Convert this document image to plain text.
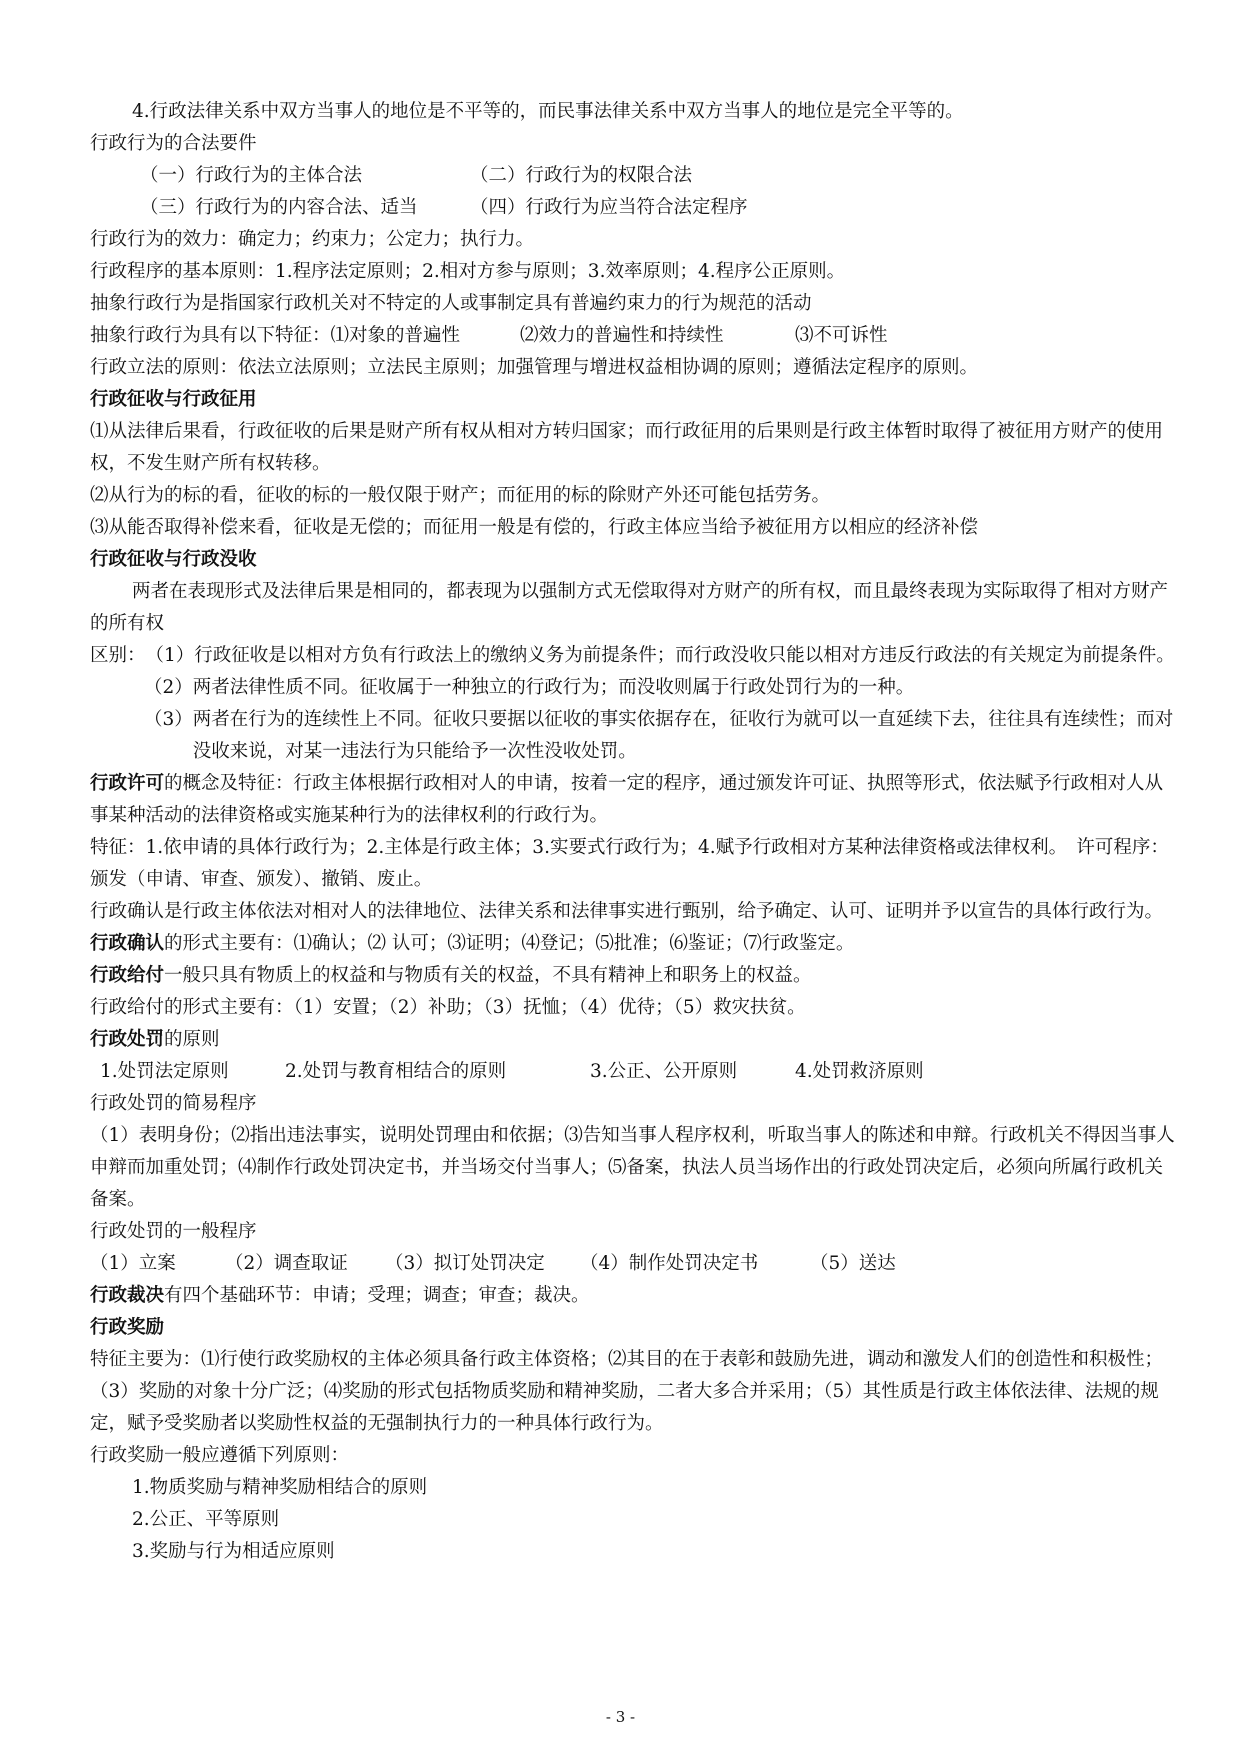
4.行政法律关系中双方当事人的地位是不平等的，而民事法律关系中双方当事人的地位是完全平等的。
行政行为的合法要件
（一）行政行为的主体合法	（二）行政行为的权限合法
（三）行政行为的内容合法、适当	（四）行政行为应当符合法定程序
行政行为的效力：确定力；约束力；公定力；执行力。
行政程序的基本原则：1.程序法定原则；2.相对方参与原则；3.效率原则；4.程序公正原则。
抽象行政行为是指国家行政机关对不特定的人或事制定具有普遍约束力的行为规范的活动
抽象行政行为具有以下特征：⑴对象的普遍性	⑵效力的普遍性和持续性	⑶不可诉性
行政立法的原则：依法立法原则；立法民主原则；加强管理与增进权益相协调的原则；遵循法定程序的原则。
行政征收与行政征用
⑴从法律后果看，行政征收的后果是财产所有权从相对方转归国家；而行政征用的后果则是行政主体暂时取得了被征用方财产的使用权，不发生财产所有权转移。
⑵从行为的标的看，征收的标的一般仅限于财产；而征用的标的除财产外还可能包括劳务。
⑶从能否取得补偿来看，征收是无偿的；而征用一般是有偿的，行政主体应当给予被征用方以相应的经济补偿
行政征收与行政没收
两者在表现形式及法律后果是相同的，都表现为以强制方式无偿取得对方财产的所有权，而且最终表现为实际取得了相对方财产的所有权
区别： （1） 行政征收是以相对方负有行政法上的缴纳义务为前提条件；而行政没收只能以相对方违反行政法的有关规定为前提条件。
（2） 两者法律性质不同。征收属于一种独立的行政行为；而没收则属于行政处罚行为的一种。
（3） 两者在行为的连续性上不同。征收只要据以征收的事实依据存在，征收行为就可以一直延续下去，往往具有连续性；而对没收来说，对某一违法行为只能给予一次性没收处罚。
行政许可的概念及特征：行政主体根据行政相对人的申请，按着一定的程序，通过颁发许可证、执照等形式，依法赋予行政相对人从事某种活动的法律资格或实施某种行为的法律权利的行政行为。
特征：1.依申请的具体行政行为；2.主体是行政主体；3.实要式行政行为；4.赋予行政相对方某种法律资格或法律权利。　许可程序：颁发（申请、审查、颁发）、撤销、废止。
行政确认是行政主体依法对相对人的法律地位、法律关系和法律事实进行甄别，给予确定、认可、证明并予以宣告的具体行政行为。
行政确认的形式主要有：⑴确认；⑵ 认可；⑶证明；⑷登记；⑸批准；⑹鉴证；⑺行政鉴定。
行政给付一般只具有物质上的权益和与物质有关的权益，不具有精神上和职务上的权益。
行政给付的形式主要有：（1）安置；（2）补助；（3）抚恤；（4）优待；（5）救灾扶贫。
行政处罚的原则
1.处罚法定原则	2.处罚与教育相结合的原则	3.公正、公开原则	4.处罚救济原则
行政处罚的简易程序
（1）表明身份；⑵指出违法事实，说明处罚理由和依据；⑶告知当事人程序权利，听取当事人的陈述和申辩。行政机关不得因当事人申辩而加重处罚；⑷制作行政处罚决定书，并当场交付当事人；⑸备案，执法人员当场作出的行政处罚决定后，必须向所属行政机关备案。
行政处罚的一般程序
（1）立案	（2）调查取证 （3）拟订处罚决定 （4）制作处罚决定书	（5）送达
行政裁决有四个基础环节：申请；受理；调查；审查；裁决。
行政奖励
特征主要为：⑴行使行政奖励权的主体必须具备行政主体资格；⑵其目的在于表彰和鼓励先进，调动和激发人们的创造性和积极性；（3）奖励的对象十分广泛；⑷奖励的形式包括物质奖励和精神奖励，二者大多合并采用；（5）其性质是行政主体依法律、法规的规定，赋予受奖励者以奖励性权益的无强制执行力的一种具体行政行为。
行政奖励一般应遵循下列原则：
1.物质奖励与精神奖励相结合的原则
2.公正、平等原则
3.奖励与行为相适应原则
- 3 -
